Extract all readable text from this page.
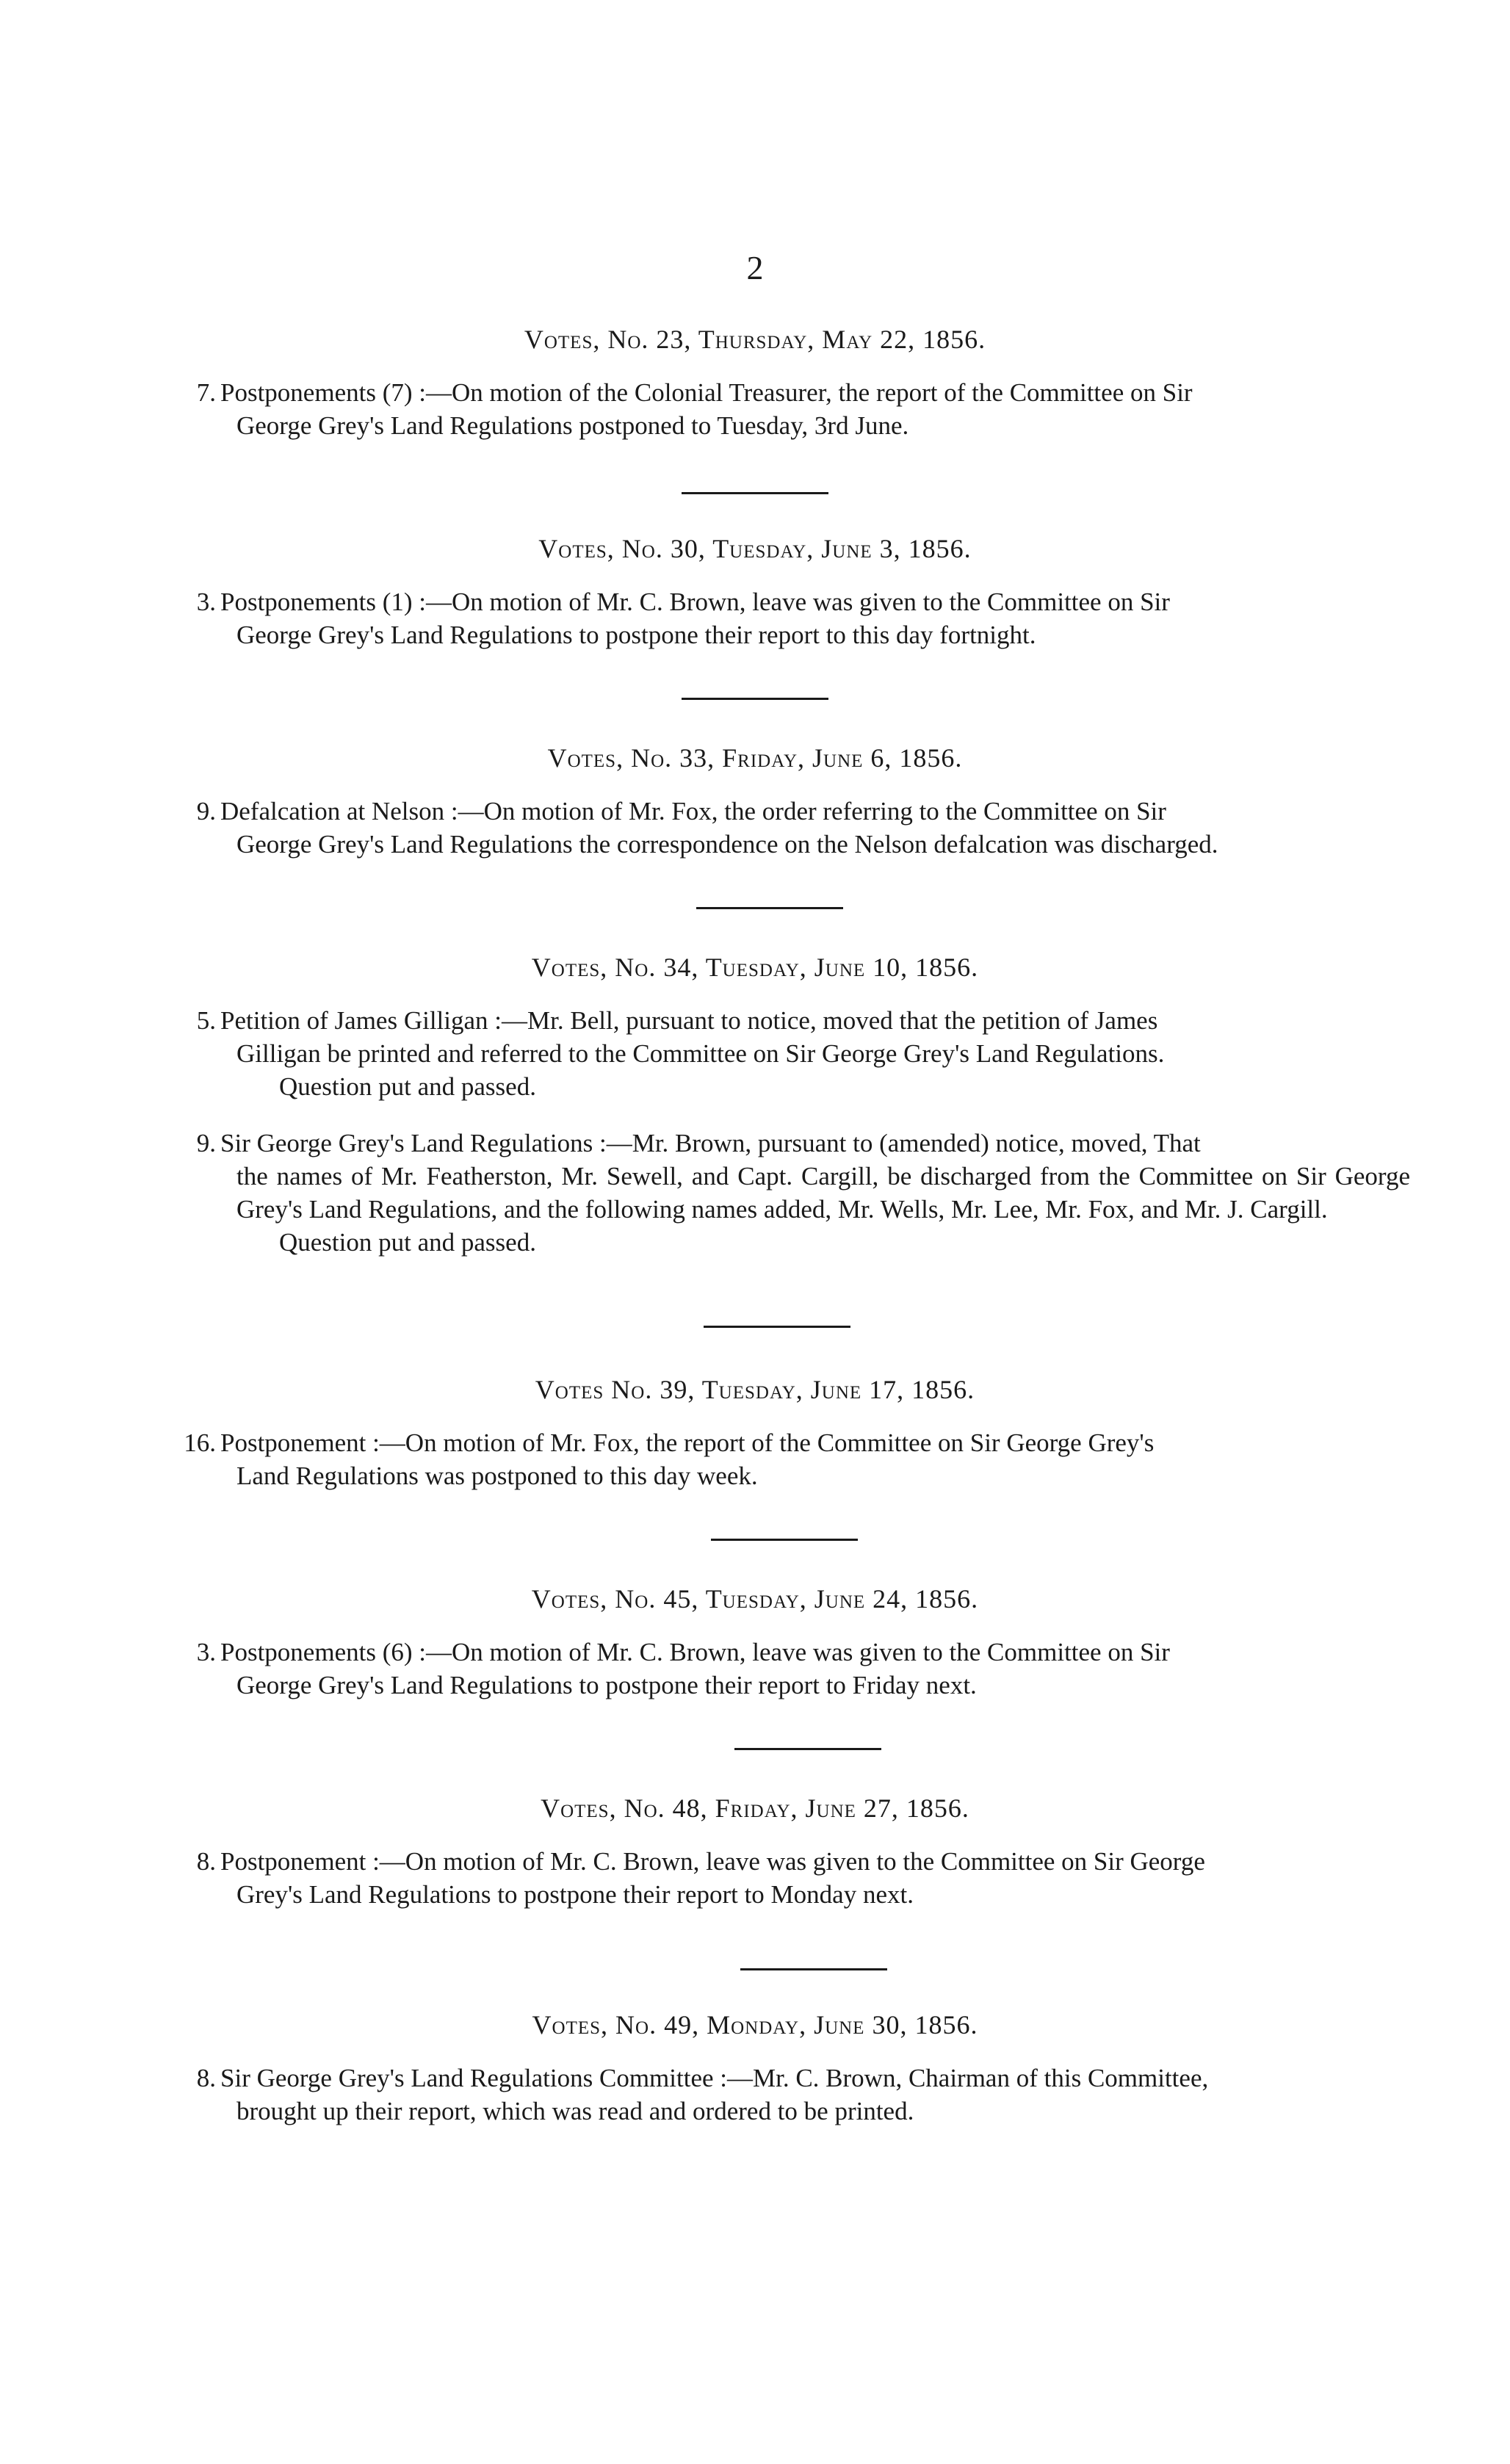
2

Votes, No. 23, Thursday, May 22, 1856.

7. Postponements (7) :—On motion of the Colonial Treasurer, the report of the Committee on Sir
George Grey's Land Regulations postponed to Tuesday, 3rd June.

Votes, No. 30, Tuesday, June 3, 1856.

3. Postponements (1) :—On motion of Mr. C. Brown, leave was given to the Committee on Sir
George Grey's Land Regulations to postpone their report to this day fortnight.

Votes, No. 33, Friday, June 6, 1856.

9. Defalcation at Nelson :—On motion of Mr. Fox, the order referring to the Committee on Sir
George Grey's Land Regulations the correspondence on the Nelson defalcation was discharged.

Votes, No. 34, Tuesday, June 10, 1856.

5. Petition of James Gilligan :—Mr. Bell, pursuant to notice, moved that the petition of James
Gilligan be printed and referred to the Committee on Sir George Grey's Land Regulations.
Question put and passed.
9. Sir George Grey's Land Regulations :—Mr. Brown, pursuant to (amended) notice, moved, That
the names of Mr. Featherston, Mr. Sewell, and Capt. Cargill, be discharged from the Committee on Sir George Grey's Land Regulations, and the following names added, Mr. Wells, Mr. Lee, Mr. Fox, and Mr. J. Cargill.
Question put and passed.

Votes No. 39, Tuesday, June 17, 1856.

16. Postponement :—On motion of Mr. Fox, the report of the Committee on Sir George Grey's
Land Regulations was postponed to this day week.

Votes, No. 45, Tuesday, June 24, 1856.

3. Postponements (6) :—On motion of Mr. C. Brown, leave was given to the Committee on Sir
George Grey's Land Regulations to postpone their report to Friday next.

Votes, No. 48, Friday, June 27, 1856.

8. Postponement :—On motion of Mr. C. Brown, leave was given to the Committee on Sir George
Grey's Land Regulations to postpone their report to Monday next.

Votes, No. 49, Monday, June 30, 1856.

8. Sir George Grey's Land Regulations Committee :—Mr. C. Brown, Chairman of this Committee,
brought up their report, which was read and ordered to be printed.
